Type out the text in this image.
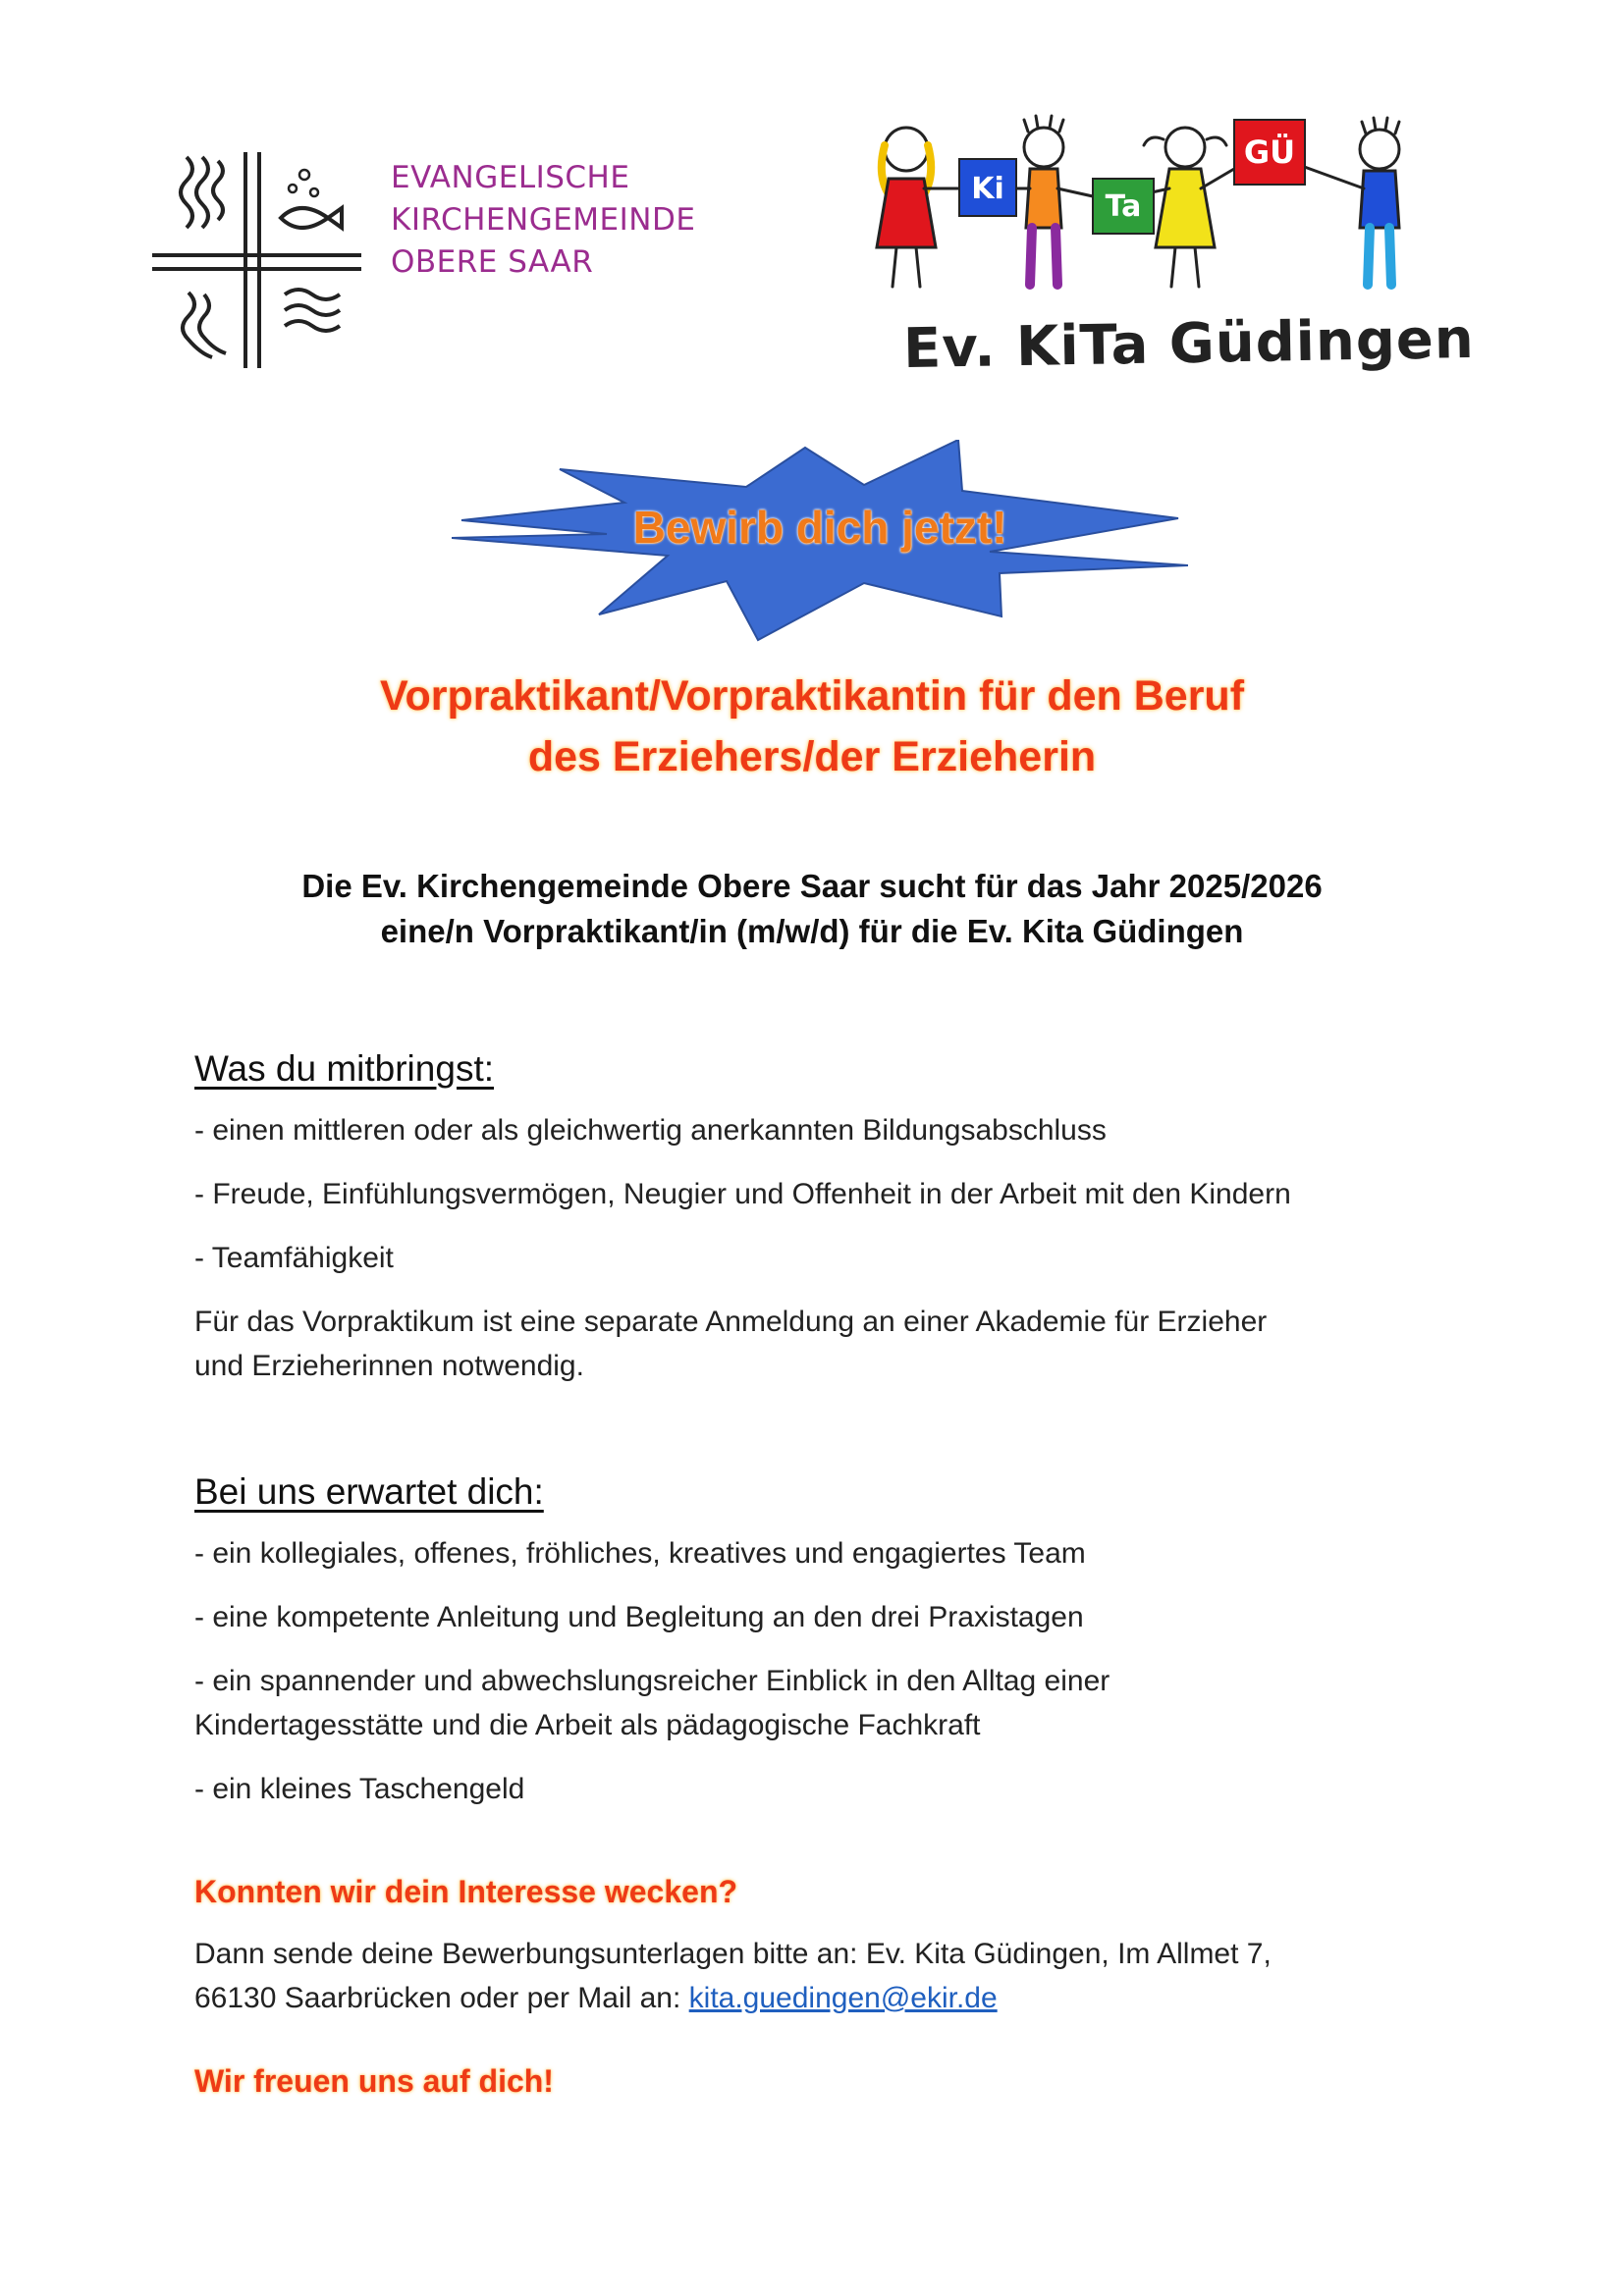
EVANGELISCHE
KIRCHENGEMEINDE
OBERE SAAR
Ki
Ta
GÜ
Ev. KiTa Güdingen
Bewirb dich jetzt!
Vorpraktikant/Vorpraktikantin für den Beruf
des Erziehers/der Erzieherin
Die Ev. Kirchengemeinde Obere Saar sucht für das Jahr 2025/2026
eine/n Vorpraktikant/in (m/w/d) für die Ev. Kita Güdingen
Was du mitbringst:
- einen mittleren oder als gleichwertig anerkannten Bildungsabschluss
- Freude, Einfühlungsvermögen, Neugier und Offenheit in der Arbeit mit den Kindern
- Teamfähigkeit
Für das Vorpraktikum ist eine separate Anmeldung an einer Akademie für Erzieher
und Erzieherinnen notwendig.
Bei uns erwartet dich:
- ein kollegiales, offenes, fröhliches, kreatives und engagiertes Team
- eine kompetente Anleitung und Begleitung an den drei Praxistagen
- ein spannender und abwechslungsreicher Einblick in den Alltag einer
Kindertagesstätte und die Arbeit als pädagogische Fachkraft
- ein kleines Taschengeld
Konnten wir dein Interesse wecken?
Dann sende deine Bewerbungsunterlagen bitte an: Ev. Kita Güdingen, Im Allmet 7,
66130 Saarbrücken oder per Mail an: kita.guedingen@ekir.de
Wir freuen uns auf dich!
